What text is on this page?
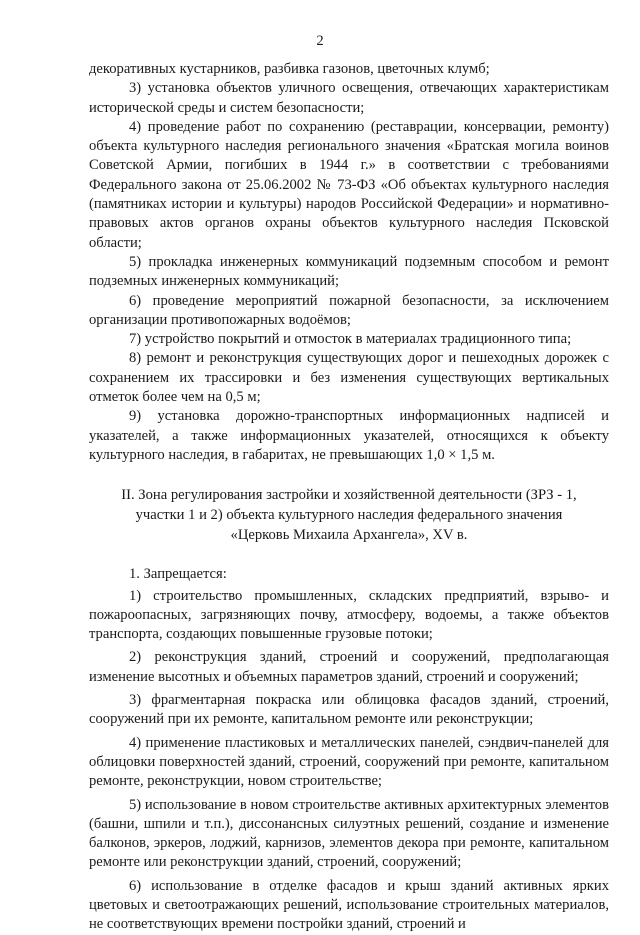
2

декоративных кустарников, разбивка газонов, цветочных клумб;

3) установка объектов уличного освещения, отвечающих характеристикам исторической среды и систем безопасности;

4) проведение работ по сохранению (реставрации, консервации, ремонту) объекта культурного наследия регионального значения «Братская могила воинов Советской Армии, погибших в 1944 г.» в соответствии с требованиями Федерального закона от 25.06.2002 № 73-ФЗ «Об объектах культурного наследия (памятниках истории и культуры) народов Российской Федерации» и нормативно-правовых актов органов охраны объектов культурного наследия Псковской области;

5) прокладка инженерных коммуникаций подземным способом и ремонт подземных инженерных коммуникаций;

6) проведение мероприятий пожарной безопасности, за исключением организации противопожарных водоёмов;

7) устройство покрытий и отмосток в материалах традиционного типа;

8) ремонт и реконструкция существующих дорог и пешеходных дорожек с сохранением их трассировки и без изменения существующих вертикальных отметок более чем на 0,5 м;

9) установка дорожно-транспортных информационных надписей и указателей, а также информационных указателей, относящихся к объекту культурного наследия, в габаритах, не превышающих 1,0 × 1,5 м.

II. Зона регулирования застройки и хозяйственной деятельности (ЗРЗ - 1,
участки 1 и 2) объекта культурного наследия федерального значения
«Церковь Михаила Архангела», XV в.

1. Запрещается:

1) строительство промышленных, складских предприятий, взрыво- и пожароопасных, загрязняющих почву, атмосферу, водоемы, а также объектов транспорта, создающих повышенные грузовые потоки;

2) реконструкция зданий, строений и сооружений, предполагающая изменение высотных и объемных параметров зданий, строений и сооружений;

3) фрагментарная покраска или облицовка фасадов зданий, строений, сооружений при их ремонте, капитальном ремонте или реконструкции;

4) применение пластиковых и металлических панелей, сэндвич-панелей для облицовки поверхностей зданий, строений, сооружений при ремонте, капитальном ремонте, реконструкции, новом строительстве;

5) использование в новом строительстве активных архитектурных элементов (башни, шпили и т.п.), диссонансных силуэтных решений, создание и изменение балконов, эркеров, лоджий, карнизов, элементов декора при ремонте, капитальном ремонте или реконструкции зданий, строений, сооружений;

6) использование в отделке фасадов и крыш зданий активных ярких цветовых и светоотражающих решений, использование строительных материалов, не соответствующих времени постройки зданий, строений и
